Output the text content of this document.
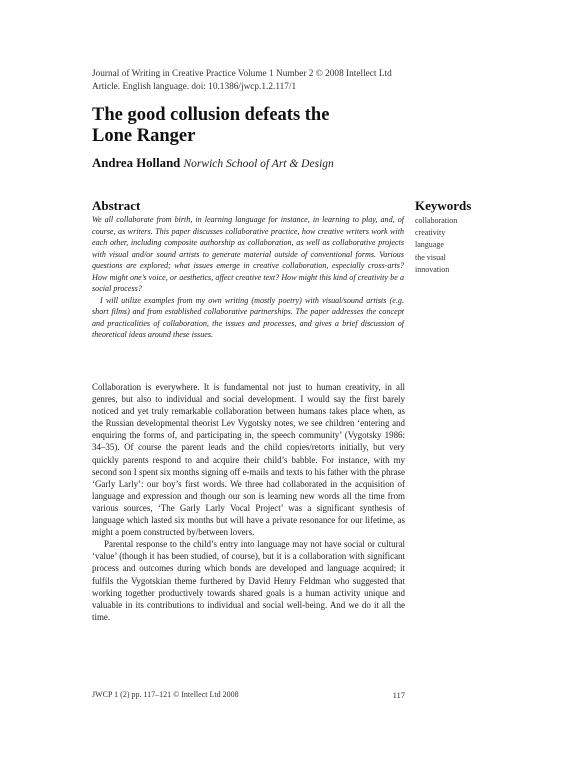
Journal of Writing in Creative Practice Volume 1 Number 2 © 2008 Intellect Ltd
Article. English language. doi: 10.1386/jwcp.1.2.117/1
The good collusion defeats the
Lone Ranger
Andrea Holland Norwich School of Art & Design
Abstract

We all collaborate from birth, in learning language for instance, in learning to play, and, of course, as writers. This paper discusses collaborative practice, how creative writers work with each other, including composite authorship as collaboration, as well as collaborative projects with visual and/or sound artists to generate material outside of conventional forms. Various questions are explored; what issues emerge in creative collaboration, especially cross-arts? How might one’s voice, or aesthetics, affect creative text? How might this kind of creativity be a social process?

I will utilize examples from my own writing (mostly poetry) with visual/sound artists (e.g. short films) and from established collaborative partnerships. The paper addresses the concept and practicalities of collaboration, the issues and processes, and gives a brief discussion of theoretical ideas around these issues.

Keywords
collaboration
creativity
language
the visual
innovation

Collaboration is everywhere. It is fundamental not just to human creativity, in all genres, but also to individual and social development. I would say the first barely noticed and yet truly remarkable collaboration between humans takes place when, as the Russian developmental theorist Lev Vygotsky notes, we see children ‘entering and enquiring the forms of, and participating in, the speech community’ (Vygotsky 1986: 34–35). Of course the parent leads and the child copies/retorts initially, but very quickly parents respond to and acquire their child’s babble. For instance, with my second son I spent six months signing off e-mails and texts to his father with the phrase ‘Garly Larly’: our boy’s first words. We three had collaborated in the acquisition of language and expression and though our son is learning new words all the time from various sources, ‘The Garly Larly Vocal Project’ was a significant synthesis of language which lasted six months but will have a private resonance for our lifetime, as might a poem constructed by/between lovers.

Parental response to the child’s entry into language may not have social or cultural ‘value’ (though it has been studied, of course), but it is a collaboration with significant process and outcomes during which bonds are developed and language acquired; it fulfils the Vygotskian theme furthered by David Henry Feldman who suggested that working together productively towards shared goals is a human activity unique and valuable in its contributions to individual and social well-being. And we do it all the time.

JWCP 1 (2) pp. 117–121 © Intellect Ltd 2008	117
